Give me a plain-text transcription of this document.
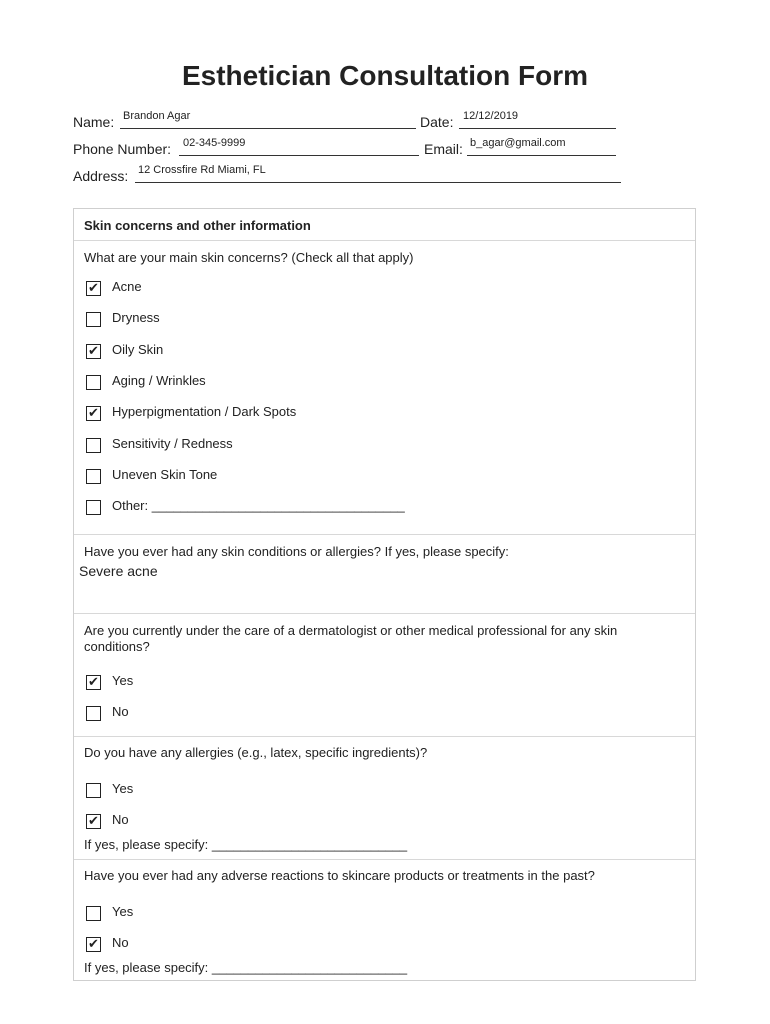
Esthetician Consultation Form
Name: Brandon Agar	Date: 12/12/2019
Phone Number: 02-345-9999	Email: b_agar@gmail.com
Address: 12 Crossfire Rd Miami, FL
Skin concerns and other information
What are your main skin concerns? (Check all that apply)
✔ Acne
Dryness
✔ Oily Skin
Aging / Wrinkles
✔ Hyperpigmentation / Dark Spots
Sensitivity / Redness
Uneven Skin Tone
Other: ___________________________________
Have you ever had any skin conditions or allergies? If yes, please specify:
Severe acne
Are you currently under the care of a dermatologist or other medical professional for any skin conditions?
✔ Yes
No
Do you have any allergies (e.g., latex, specific ingredients)?
Yes
✔ No
If yes, please specify: ___________________________
Have you ever had any adverse reactions to skincare products or treatments in the past?
Yes
✔ No
If yes, please specify: ___________________________
